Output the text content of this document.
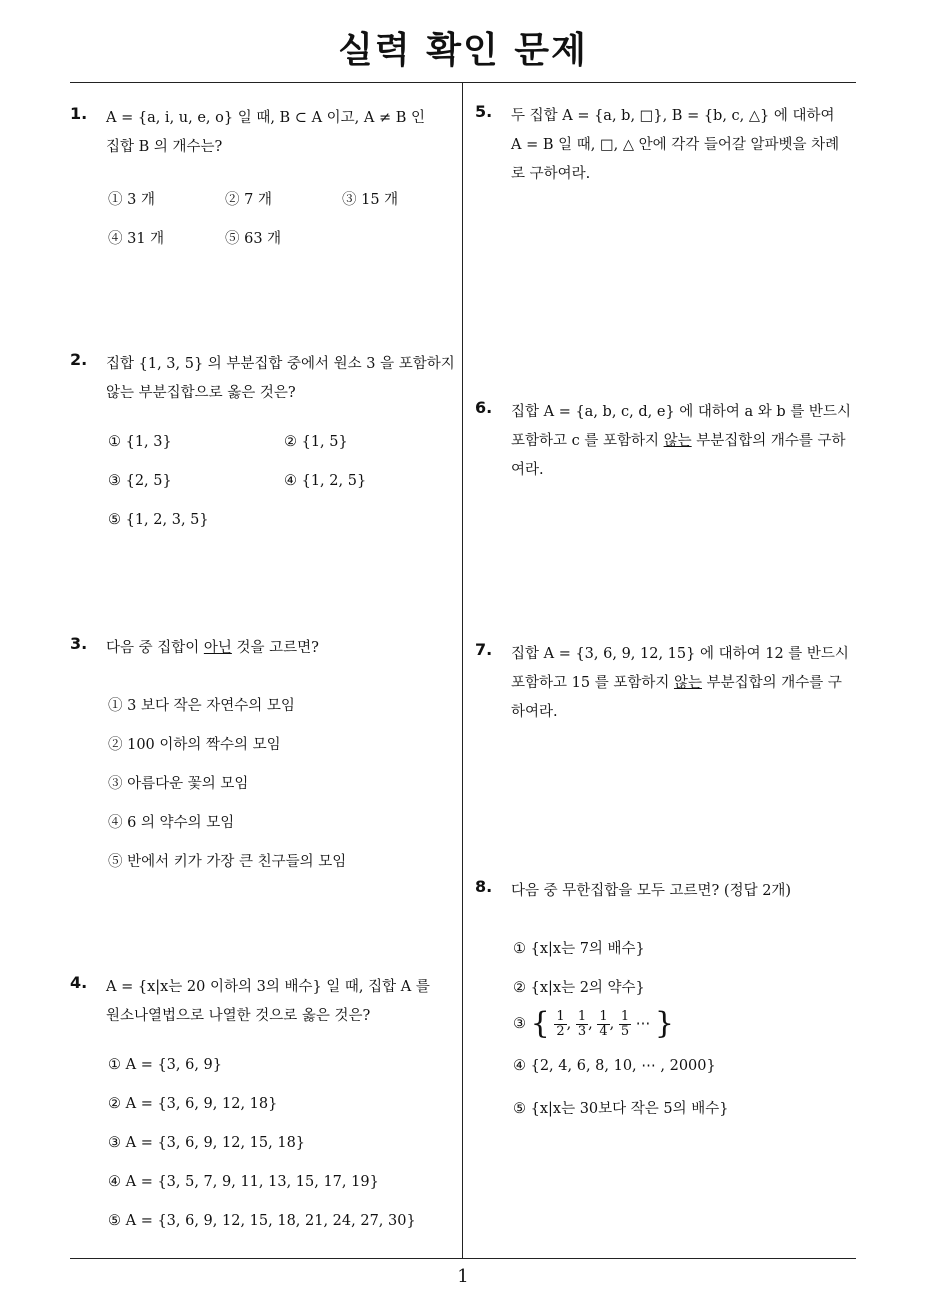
실력 확인 문제
1
1. A = {a, i, u, e, o} 일 때, B ⊂ A 이고, A ≠ B 인
집합 B 의 개수는?
① 3 개	② 7 개	③ 15 개
④ 31 개	⑤ 63 개
2. 집합 {1, 3, 5} 의 부분집합 중에서 원소 3 을 포함하지
않는 부분집합으로 옳은 것은?
① {1, 3}	② {1, 5}
③ {2, 5}	④ {1, 2, 5}
⑤ {1, 2, 3, 5}
3. 다음 중 집합이 아닌 것을 고르면?
① 3 보다 작은 자연수의 모임
② 100 이하의 짝수의 모임
③ 아름다운 꽃의 모임
④ 6 의 약수의 모임
⑤ 반에서 키가 가장 큰 친구들의 모임
4. A = {x|x는 20 이하의 3의 배수} 일 때, 집합 A 를
원소나열법으로 나열한 것으로 옳은 것은?
① A = {3, 6, 9}
② A = {3, 6, 9, 12, 18}
③ A = {3, 6, 9, 12, 15, 18}
④ A = {3, 5, 7, 9, 11, 13, 15, 17, 19}
⑤ A = {3, 6, 9, 12, 15, 18, 21, 24, 27, 30}
5. 두 집합 A = {a, b, □}, B = {b, c, △} 에 대하여
A = B 일 때, □, △ 안에 각각 들어갈 알파벳을 차례
로 구하여라.
6. 집합 A = {a, b, c, d, e} 에 대하여 a 와 b 를 반드시
포함하고 c 를 포함하지 않는 부분집합의 개수를 구하
여라.
7. 집합 A = {3, 6, 9, 12, 15} 에 대하여 12 를 반드시
포함하고 15 를 포함하지 않는 부분집합의 개수를 구
하여라.
8. 다음 중 무한집합을 모두 고르면? (정답 2개)
① {x|x는 7의 배수}
② {x|x는 2의 약수}
③ { $\frac{1}{2}$ , $\frac{1}{3}$ , $\frac{1}{4}$ , $\frac{1}{5}$ ⋯ }
④ {2, 4, 6, 8, 10, ⋯ , 2000}
⑤ {x|x는 30보다 작은 5의 배수}
